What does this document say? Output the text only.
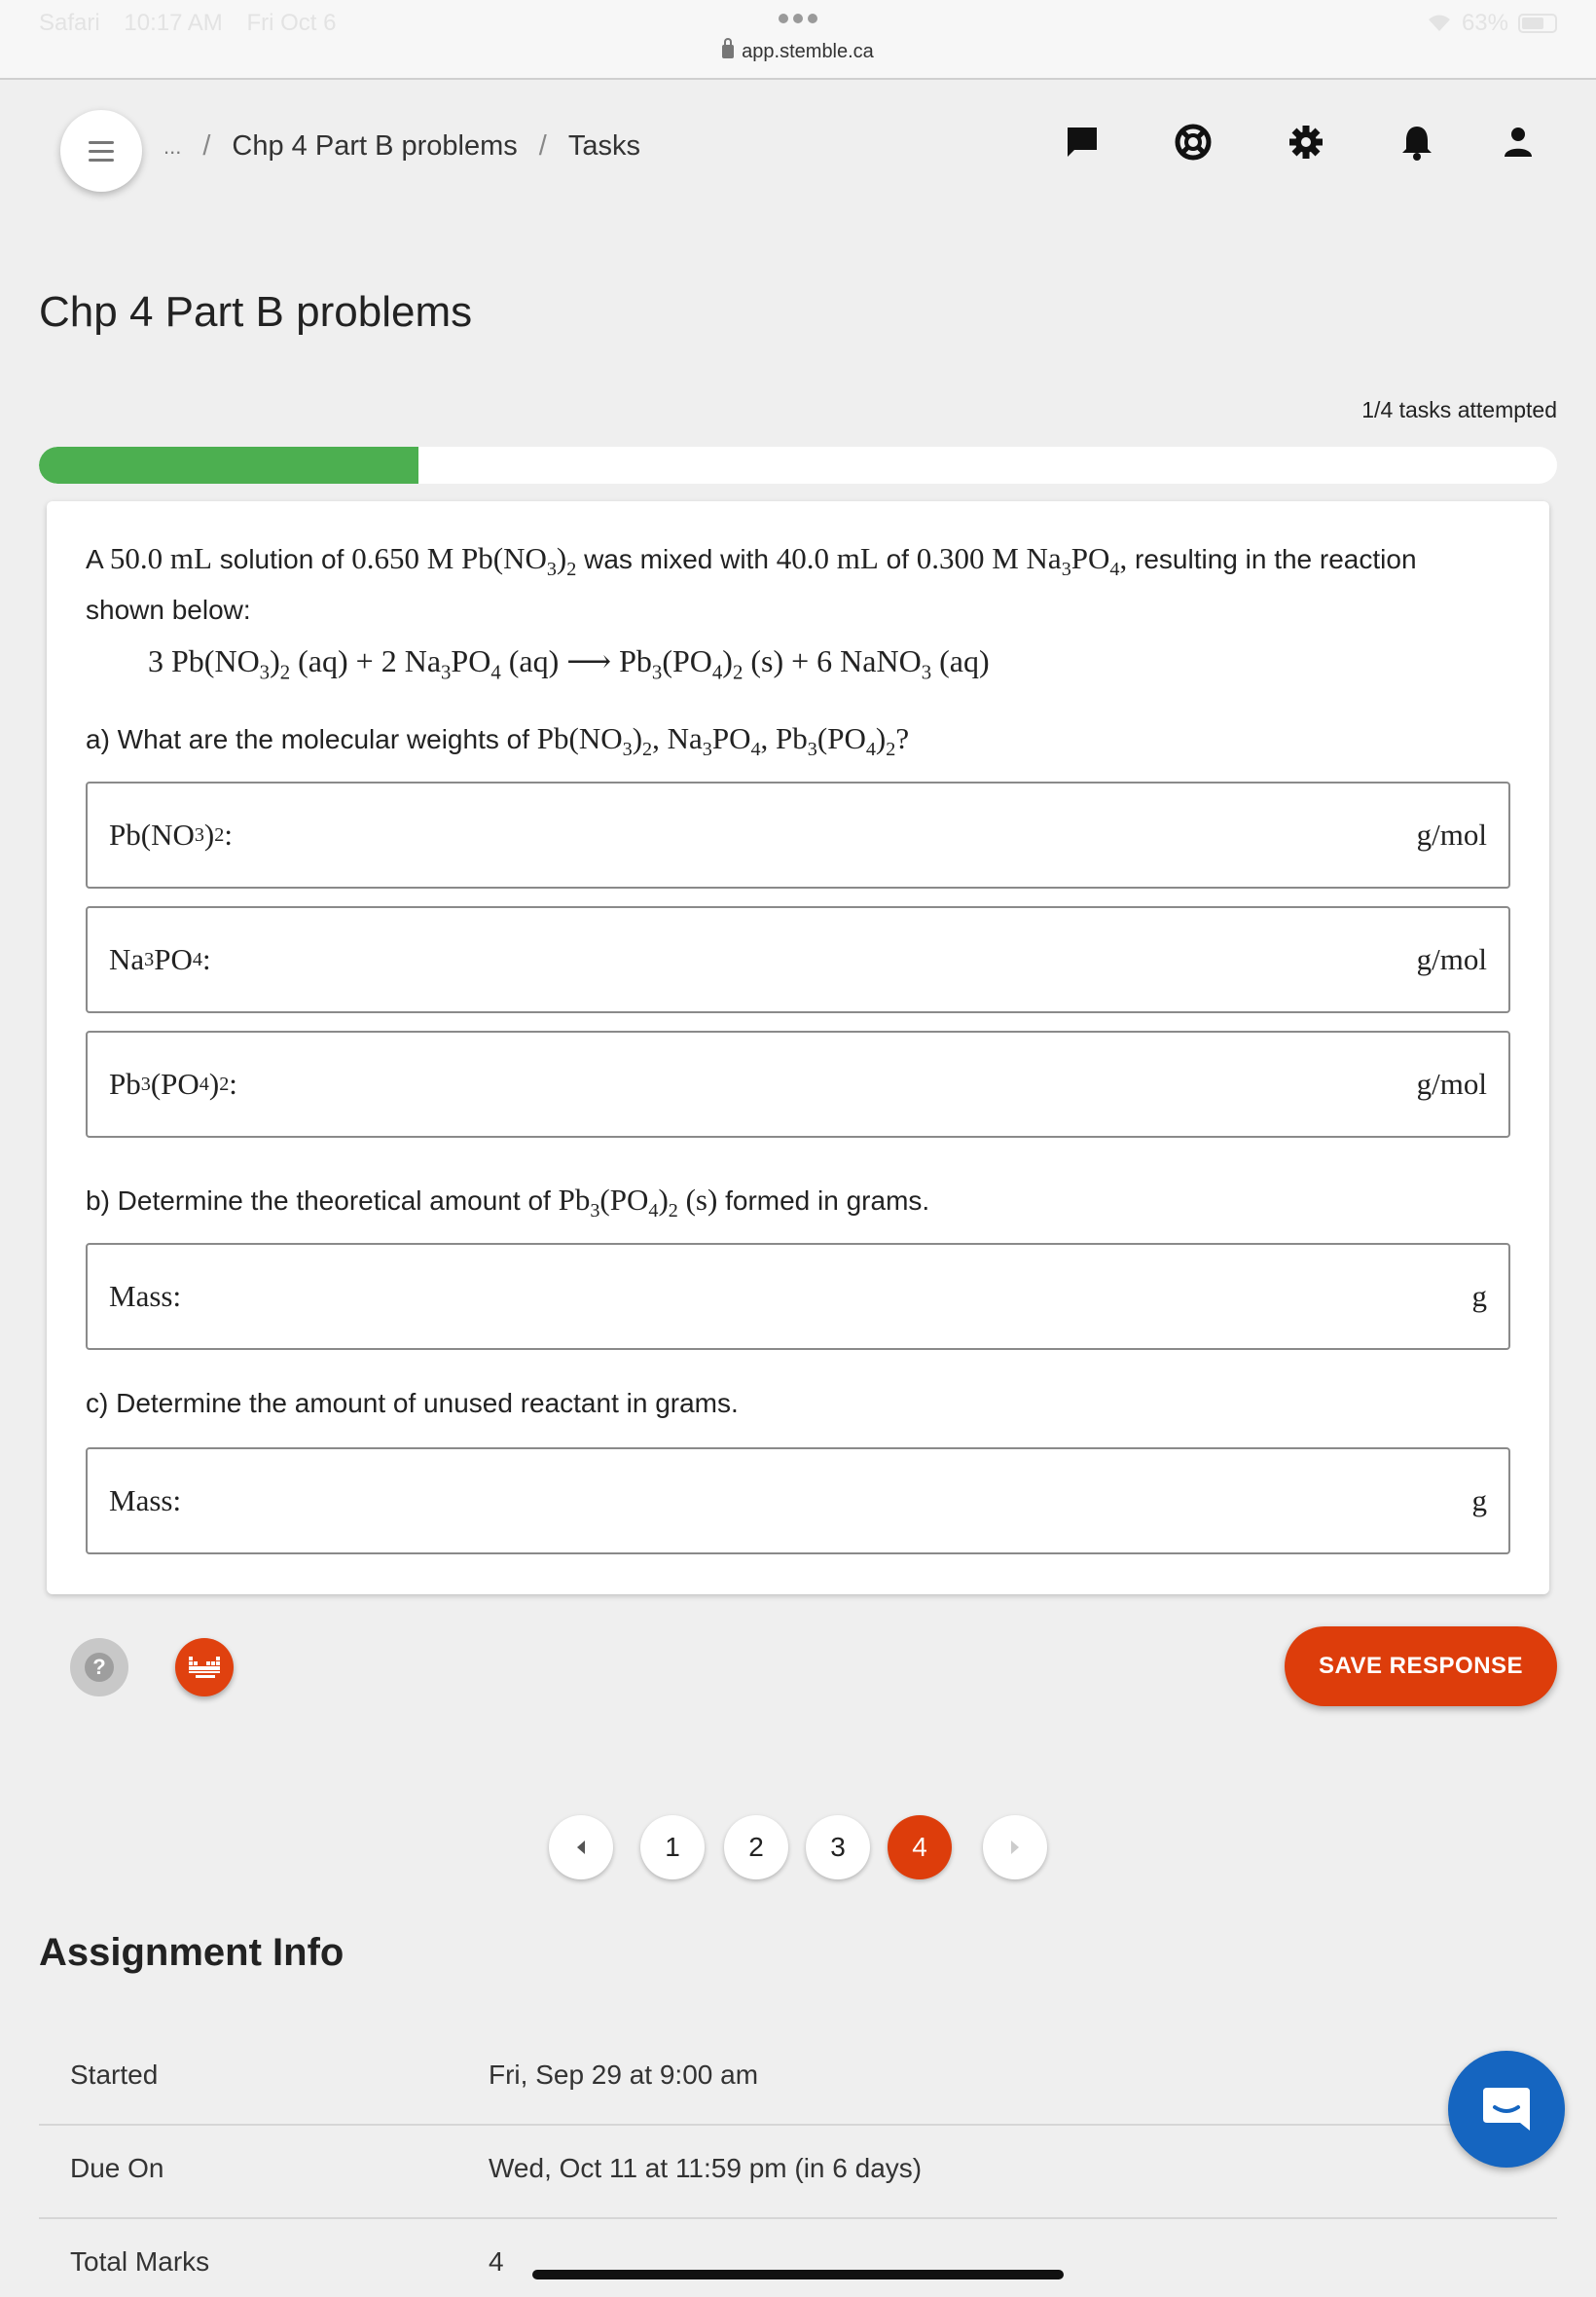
Safari 10:17 AM Fri Oct 6	63%
app.stemble.ca
... / Chp 4 Part B problems / Tasks
Chp 4 Part B problems
1/4 tasks attempted
A 50.0 mL solution of 0.650 M $Pb(NO_3)_2$ was mixed with 40.0 mL of 0.300 M $Na_3PO_4$, resulting in the reaction
shown below:
3 $Pb(NO_3)_2$ (aq) + 2 $Na_3PO_4$ (aq) ⟶ $Pb_3(PO_4)_2$ (s) + 6 NaNO$_3$ (aq)
a) What are the molecular weights of $Pb(NO_3)_2$, $Na_3PO_4$, $Pb_3(PO_4)_2$?
Pb(NO 3 ) 2 :	g/mol
Na 3 PO 4 :	g/mol
Pb 3 (PO 4 ) 2 :	g/mol
b) Determine the theoretical amount of $Pb_3(PO_4)_2$ (s) formed in grams.
Mass:	g
c) Determine the amount of unused reactant in grams.
Mass:	g
?	SAVE RESPONSE
1	2	3	4
Assignment Info
Started	Fri, Sep 29 at 9:00 am
Due On	Wed, Oct 11 at 11:59 pm (in 6 days)
Total Marks	4
